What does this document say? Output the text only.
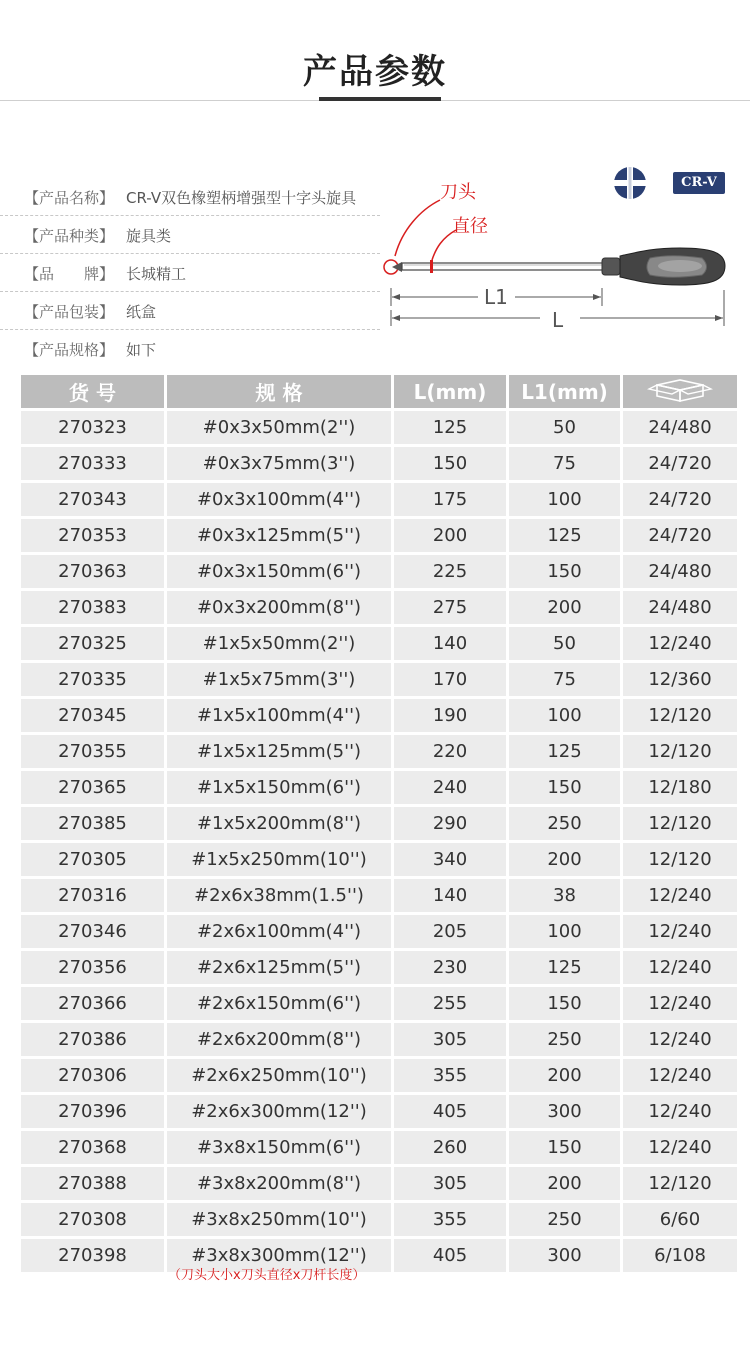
产品参数
【产品名称】 CR-V双色橡塑柄增强型十字头旋具
【产品种类】 旋具类
【品　　牌】 长城精工
【产品包装】 纸盒
【产品规格】 如下
CR-V
刀头
直径
L1
L
货 号	规 格	L(mm)	L1(mm)	
270323	#0x3x50mm(2'')	125	50	24/480
270333	#0x3x75mm(3'')	150	75	24/720
270343	#0x3x100mm(4'')	175	100	24/720
270353	#0x3x125mm(5'')	200	125	24/720
270363	#0x3x150mm(6'')	225	150	24/480
270383	#0x3x200mm(8'')	275	200	24/480
270325	#1x5x50mm(2'')	140	50	12/240
270335	#1x5x75mm(3'')	170	75	12/360
270345	#1x5x100mm(4'')	190	100	12/120
270355	#1x5x125mm(5'')	220	125	12/120
270365	#1x5x150mm(6'')	240	150	12/180
270385	#1x5x200mm(8'')	290	250	12/120
270305	#1x5x250mm(10'')	340	200	12/120
270316	#2x6x38mm(1.5'')	140	38	12/240
270346	#2x6x100mm(4'')	205	100	12/240
270356	#2x6x125mm(5'')	230	125	12/240
270366	#2x6x150mm(6'')	255	150	12/240
270386	#2x6x200mm(8'')	305	250	12/240
270306	#2x6x250mm(10'')	355	200	12/240
270396	#2x6x300mm(12'')	405	300	12/240
270368	#3x8x150mm(6'')	260	150	12/240
270388	#3x8x200mm(8'')	305	200	12/120
270308	#3x8x250mm(10'')	355	250	6/60
270398	#3x8x300mm(12'')	405	300	6/108
（刀头大小x刀头直径x刀杆长度）
